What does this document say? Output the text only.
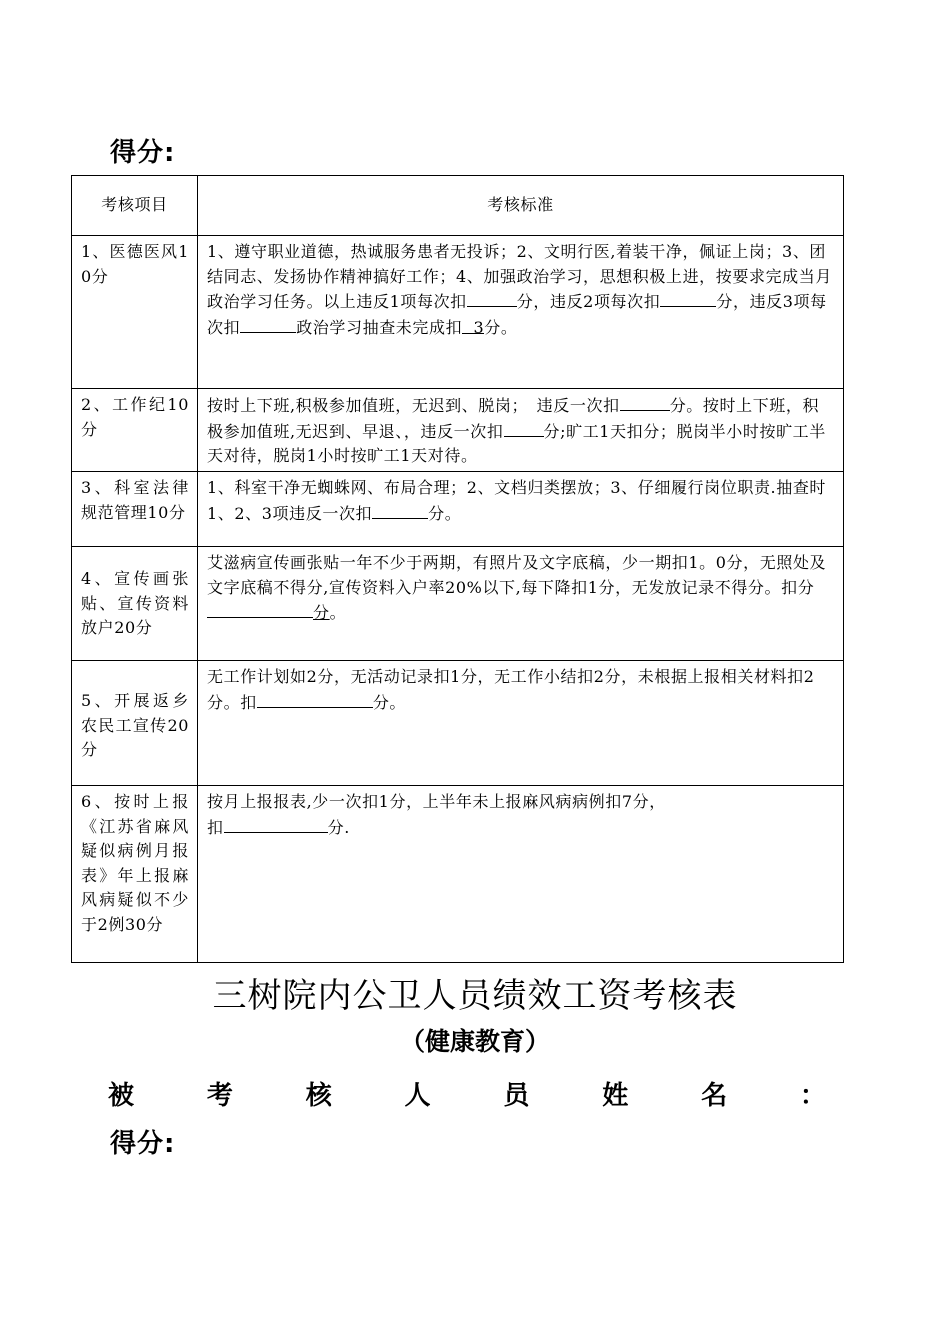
得分:
考核项目	考核标准
1、医德医风10分	1、遵守职业道德，热诚服务患者无投诉；2、文明行医,着装干净，佩证上岗；3、团结同志、发扬协作精神搞好工作；4、加强政治学习，思想积极上进，按要求完成当月政治学习任务。以上违反1项每次扣 分，违反2项每次扣 分，违反3项每次扣 政治学习抽查未完成扣 3分。
2、工作纪10分	按时上下班,积极参加值班，无迟到、脱岗；　违反一次扣 分。按时上下班，积极参加值班,无迟到、早退、，违反一次扣 分;旷工1天扣分；脱岗半小时按旷工半天对待，脱岗1小时按旷工1天对待。
3、科室法律规范管理10分	1、科室干净无蜘蛛网、布局合理；2、文档归类摆放；3、仔细履行岗位职责.抽查时1、2、3项违反一次扣 分。
4、宣传画张贴、宣传资料放户20分	艾滋病宣传画张贴一年不少于两期，有照片及文字底稿，少一期扣1。0分，无照处及文字底稿不得分,宣传资料入户率20%以下,每下降扣1分，无发放记录不得分。扣分分。
5、开展返乡农民工宣传20分	无工作计划如2分，无活动记录扣1分，无工作小结扣2分，未根据上报相关材料扣2分。扣 分。
6、按时上报《江苏省麻风疑似病例月报表》年上报麻风病疑似不少于2例30分	按月上报报表,少一次扣1分，上半年未上报麻风病病例扣7分，
扣 分.
三树院内公卫人员绩效工资考核表
（健康教育）
被	考	核	人	员	姓	名	：
得分:
